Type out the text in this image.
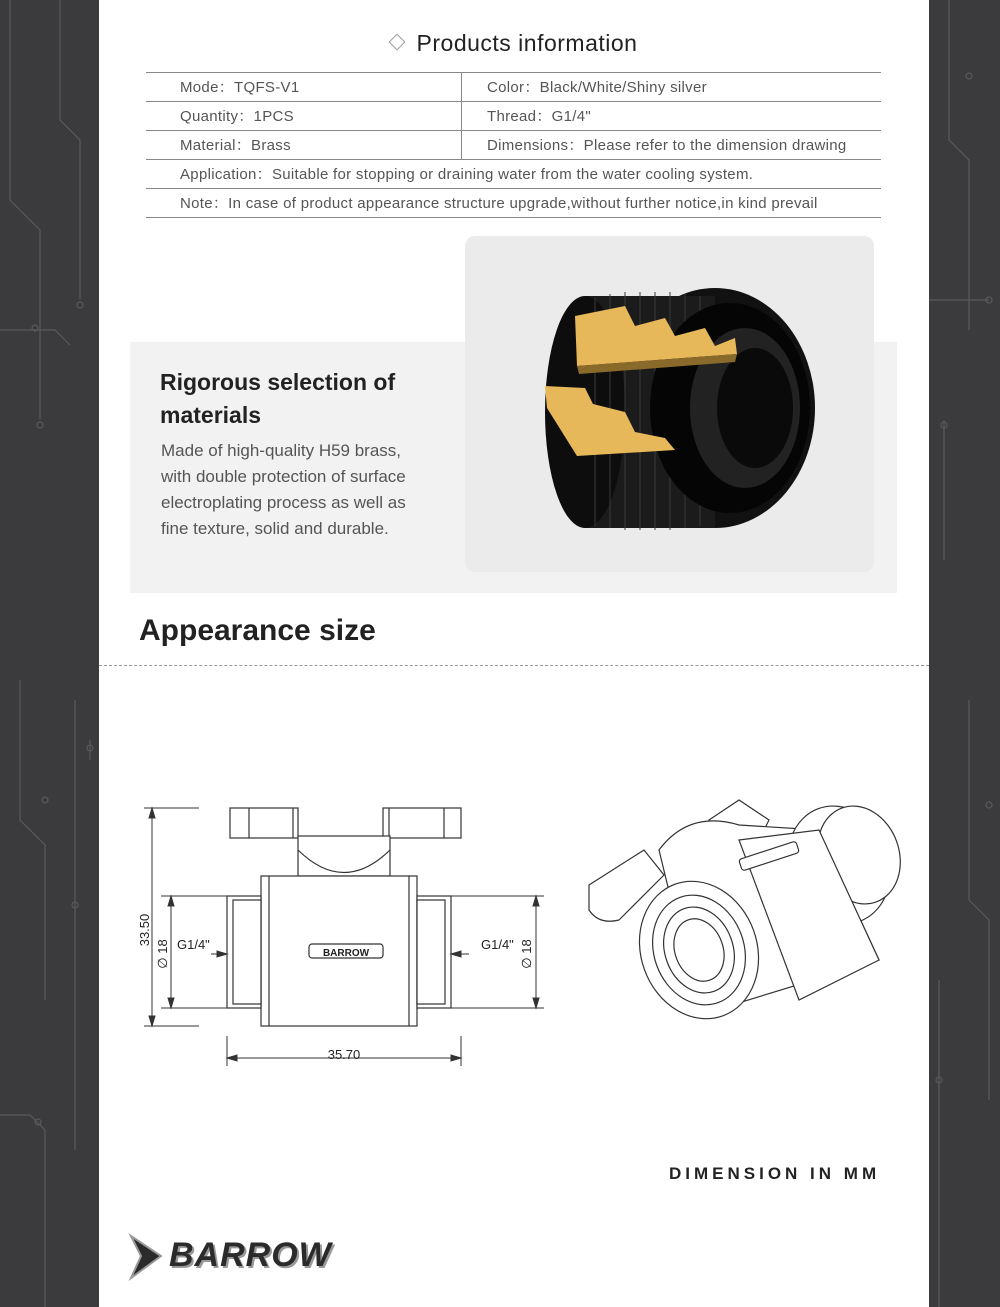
Products information
Mode：TQFS-V1	Color：Black/White/Shiny silver
Quantity：1PCS	Thread：G1/4"
Material：Brass	Dimensions：Please refer to the dimension drawing
Application：Suitable for stopping or draining water from the water cooling system.
Note：In case of product appearance structure upgrade,without further notice,in kind prevail
Rigorous selection of
materials
Made of high-quality H59 brass,
with double protection of surface
electroplating process as well as
fine texture, solid and durable.
Appearance size
33.50
∅ 18	∅ 18
G1/4"	G1/4"
35.70
BARROW
DIMENSION IN MM
BARROW
